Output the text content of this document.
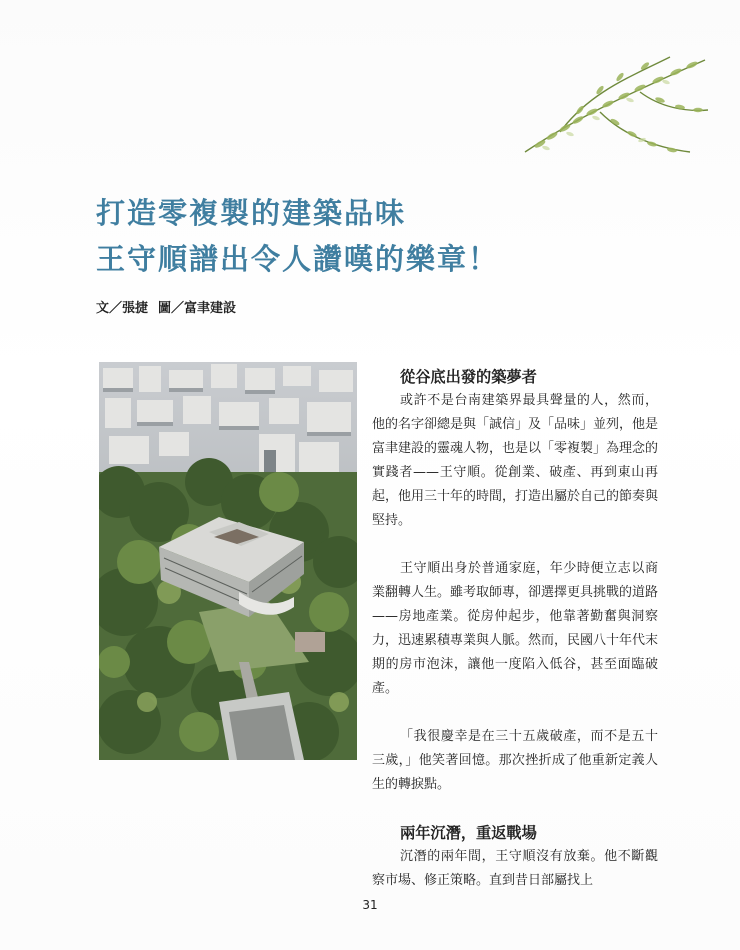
打造零複製的建築品味
王守順譜出令人讚嘆的樂章！
文／張捷 圖／富聿建設
從谷底出發的築夢者

或許不是台南建築界最具聲量的人，然而，他的名字卻總是與「誠信」及「品味」並列，他是富聿建設的靈魂人物，也是以「零複製」為理念的實踐者——王守順。從創業、破產、再到東山再起，他用三十年的時間，打造出屬於自己的節奏與堅持。

王守順出身於普通家庭，年少時便立志以商業翻轉人生。雖考取師專，卻選擇更具挑戰的道路——房地產業。從房仲起步，他靠著勤奮與洞察力，迅速累積專業與人脈。然而，民國八十年代末期的房市泡沫，讓他一度陷入低谷，甚至面臨破產。

「我很慶幸是在三十五歲破產，而不是五十三歲，」他笑著回憶。那次挫折成了他重新定義人生的轉捩點。

兩年沉潛，重返戰場

沉潛的兩年間，王守順沒有放棄。他不斷觀察市場、修正策略。直到昔日部屬找上

31
